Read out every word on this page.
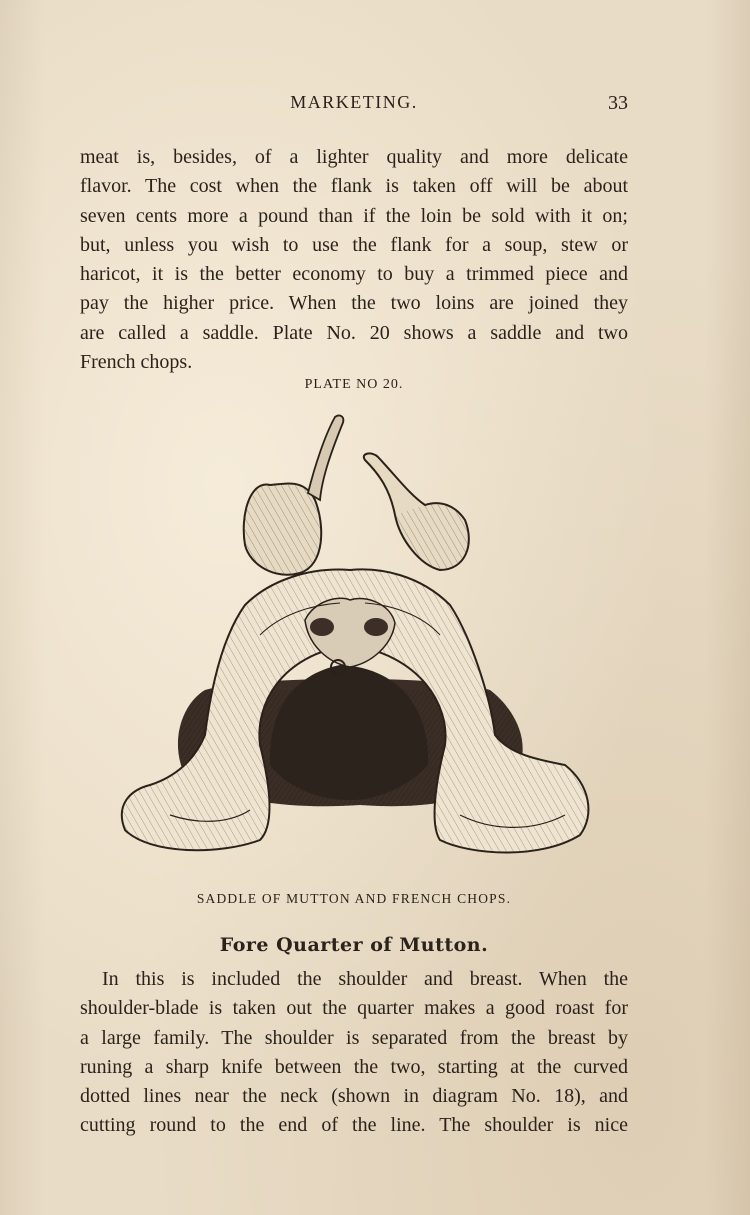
MARKETING.	33

meat is, besides, of a lighter quality and more delicate
flavor. The cost when the flank is taken off will be about
seven cents more a pound than if the loin be sold with it on;
but, unless you wish to use the flank for a soup, stew or
haricot, it is the better economy to buy a trimmed piece and
pay the higher price. When the two loins are joined they
are called a saddle. Plate No. 20 shows a saddle and two
French chops.

PLATE NO 20.
SADDLE OF MUTTON AND FRENCH CHOPS.
Fore Quarter of Mutton.

In this is included the shoulder and breast. When the
shoulder-blade is taken out the quarter makes a good roast for
a large family. The shoulder is separated from the breast by
runing a sharp knife between the two, starting at the curved
dotted lines near the neck (shown in diagram No. 18), and
cutting round to the end of the line. The shoulder is nice
